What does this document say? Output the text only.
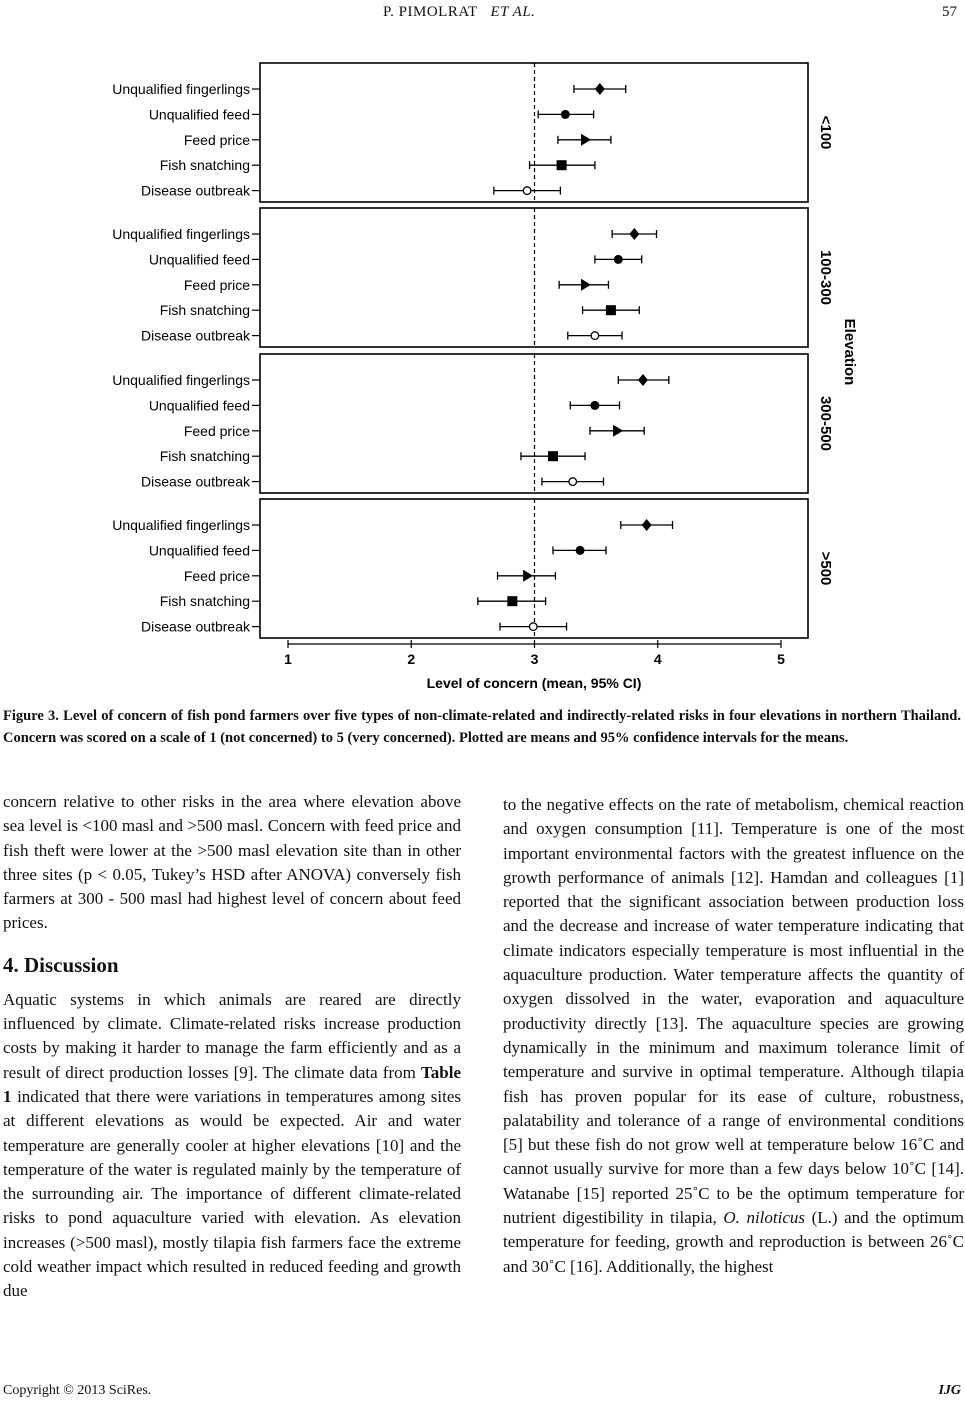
P. PIMOLRAT ET AL.	57
<100
Unqualified fingerlings
Unqualified feed
Feed price
Fish snatching
Disease outbreak
100-300
Unqualified fingerlings
Unqualified feed
Feed price
Fish snatching
Disease outbreak
300-500
Unqualified fingerlings
Unqualified feed
Feed price
Fish snatching
Disease outbreak
>500
Unqualified fingerlings
Unqualified feed
Feed price
Fish snatching
Disease outbreak
Elevation
1	2	3	4	5
Level of concern (mean, 95% CI)
Figure 3. Level of concern of fish pond farmers over five types of non-climate-related and indirectly-related risks in four elevations in northern Thailand. Concern was scored on a scale of 1 (not concerned) to 5 (very concerned). Plotted are means and 95% confidence intervals for the means.

concern relative to other risks in the area where elevation above sea level is <100 masl and >500 masl. Concern with feed price and fish theft were lower at the >500 masl elevation site than in other three sites (p < 0.05, Tukey’s HSD after ANOVA) conversely fish farmers at 300 - 500 masl had highest level of concern about feed prices.

4. Discussion

Aquatic systems in which animals are reared are directly influenced by climate. Climate-related risks increase production costs by making it harder to manage the farm efficiently and as a result of direct production losses [9]. The climate data from Table 1 indicated that there were variations in temperatures among sites at different elevations as would be expected. Air and water temperature are generally cooler at higher elevations [10] and the temperature of the water is regulated mainly by the temperature of the surrounding air. The importance of different climate-related risks to pond aquaculture varied with elevation. As elevation increases (>500 masl), mostly tilapia fish farmers face the extreme cold weather impact which resulted in reduced feeding and growth due

to the negative effects on the rate of metabolism, chemical reaction and oxygen consumption [11]. Temperature is one of the most important environmental factors with the greatest influence on the growth performance of animals [12]. Hamdan and colleagues [1] reported that the significant association between production loss and the decrease and increase of water temperature indicating that climate indicators especially temperature is most influential in the aquaculture production. Water temperature affects the quantity of oxygen dissolved in the water, evaporation and aquaculture productivity directly [13]. The aquaculture species are growing dynamically in the minimum and maximum tolerance limit of temperature and survive in optimal temperature. Although tilapia fish has proven popular for its ease of culture, robustness, palatability and tolerance of a range of environmental conditions [5] but these fish do not grow well at temperature below 16˚C and cannot usually survive for more than a few days below 10˚C [14]. Watanabe [15] reported 25˚C to be the optimum temperature for nutrient digestibility in tilapia, O. niloticus (L.) and the optimum temperature for feeding, growth and reproduction is between 26˚C and 30˚C [16]. Additionally, the highest

Copyright © 2013 SciRes.	IJG
